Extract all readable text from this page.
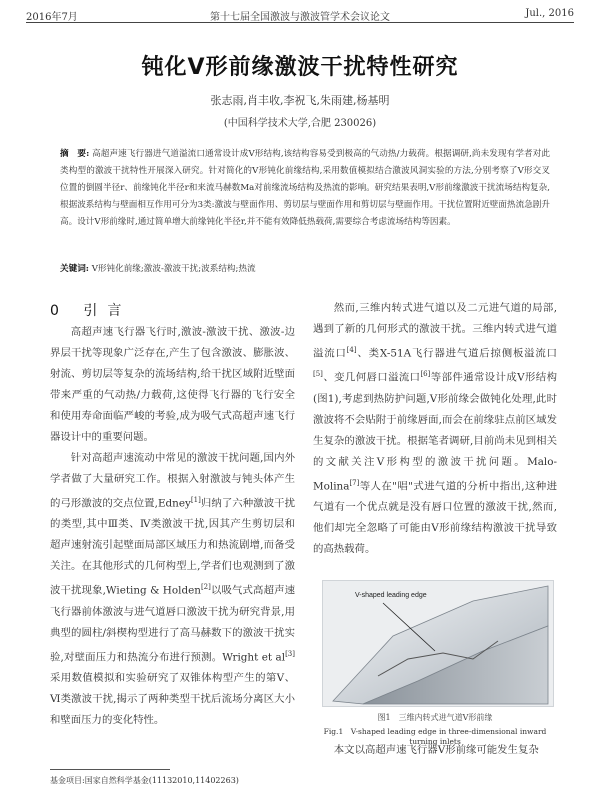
2016年7月	第十七届全国激波与激波管学术会议论文	Jul., 2016
钝化V形前缘激波干扰特性研究
张志雨,肖丰收,李祝飞,朱雨建,杨基明
(中国科学技术大学,合肥 230026)
摘　要: 高超声速飞行器进气道溢流口通常设计成V形结构,该结构容易受到极高的气动热/力载荷。根据调研,尚未发现有学者对此类构型的激波干扰特性开展深入研究。针对简化的V形钝化前缘结构,采用数值模拟结合激波风洞实验的方法,分别考察了V形交叉位置的倒圆半径r、前缘钝化半径r和来流马赫数Ma对前缘流场结构及热流的影响。研究结果表明,V形前缘激波干扰流场结构复杂,根据波系结构与壁面相互作用可分为3类:激波与壁面作用、剪切层与壁面作用和剪切层与壁面作用。干扰位置附近壁面热流急剧升高。设计V形前缘时,通过简单增大前缘钝化半径r,并不能有效降低热载荷,需要综合考虑流场结构等因素。
关键词: V形钝化前缘;激波-激波干扰;波系结构;热流
0 引言

高超声速飞行器飞行时,激波-激波干扰、激波-边界层干扰等现象广泛存在,产生了包含激波、膨胀波、射流、剪切层等复杂的流场结构,给干扰区域附近壁面带来严重的气动热/力载荷,这使得飞行器的飞行安全和使用寿命面临严峻的考验,成为吸气式高超声速飞行器设计中的重要问题。

针对高超声速流动中常见的激波干扰问题,国内外学者做了大量研究工作。根据入射激波与钝头体产生的弓形激波的交点位置,Edney[1]归纳了六种激波干扰的类型,其中Ⅲ类、Ⅳ类激波干扰,因其产生剪切层和超声速射流引起壁面局部区域压力和热流剧增,而备受关注。在其他形式的几何构型上,学者们也观测到了激波干扰现象,Wieting & Holden[2]以吸气式高超声速飞行器前体激波与进气道唇口激波干扰为研究背景,用典型的圆柱/斜楔构型进行了高马赫数下的激波干扰实验,对壁面压力和热流分布进行预测。Wright et al[3]采用数值模拟和实验研究了双锥体构型产生的第Ⅴ、Ⅵ类激波干扰,揭示了两种类型干扰后流场分离区大小和壁面压力的变化特性。

然而,三维内转式进气道以及二元进气道的局部,遇到了新的几何形式的激波干扰。三维内转式进气道溢流口[4]、类X-51A飞行器进气道后掠侧板溢流口[5]、变几何唇口溢流口[6]等部件通常设计成V形结构(图1),考虑到热防护问题,V形前缘会做钝化处理,此时激波将不会贴附于前缘唇面,而会在前缘驻点前区域发生复杂的激波干扰。根据笔者调研,目前尚未见到相关的文献关注V形构型的激波干扰问题。Malo-Molina[7]等人在"唱"式进气道的分析中指出,这种进气道有一个优点就是没有唇口位置的激波干扰,然而,他们却完全忽略了可能由V形前缘结构激波干扰导致的高热载荷。

V-shaped leading edge
图1　三维内转式进气道V形前缘
Fig.1　V-shaped leading edge in three-dimensional inward turning inlets
本文以高超声速飞行器V形前缘可能发生复杂
基金项目:国家自然科学基金(11132010,11402263)
